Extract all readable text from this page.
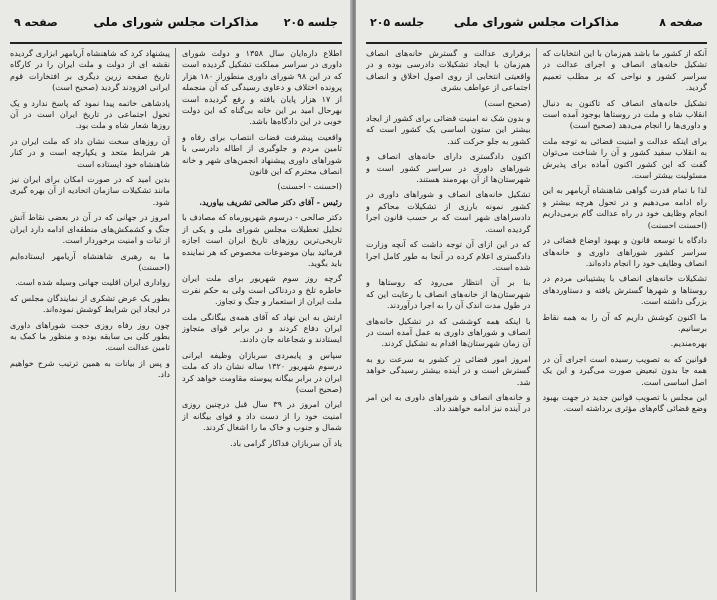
جلسه ۲۰۵
مذاکرات مجلس شورای ملی
صفحه ۹

اطلاع داره‌ایان سال ۱۳۵۸ و دولت شورای داوری در سراسر مملکت تشکیل گردیده است که در این ۹۸ شورای داوری منطوراز ۱۸۰ هزار پرونده اختلاف و دعاوی رسیدگی که آن منجمله از ۱۷ هزار پایان یافته و رفع گردیده است بهرحال امید بر این خانه بی‌گناه که این دولت خوبی در این دادگاه‌ها باشد.

واقعیت پیشرفت قضات انتصاب برای رفاه و تامین مردم و جلوگیری از اطاله دادرسی با شوراهای داوری پیشنهاد انجمن‌های شهر و خانه انصاف محترم که این قانون

(احسنت - احسنت)

رئیس - آقای دکتر صالحی تشریف بیاورید.

دکتر صالحی - درسوم شهریورماه که مصادف با تحلیل تعطیلات مجلس شورای ملی و یکی از تاریخی‌ترین روزهای تاریخ ایران است اجازه فرمائید بیان موضوعات مخصوص که هر نماینده باید بگوید.

گرچه روز سوم شهریور برای ملت ایران خاطره تلخ و دردناکی است ولی به حکم نفرت ملت ایران از استعمار و جنگ و تجاوز.

ارتش به این نهاد که آقای همه‌ی بیگانگی ملت ایران دفاع کردند و در برابر قوای متجاوز ایستادند و شجاعانه جان دادند.

سپاس و پایمردی سربازان وظیفه ایرانی درسوم شهریور ۱۳۲۰ ساله نشان داد که ملت ایران در برابر بیگانه پیوسته مقاومت خواهد کرد (صحیح است)

ایران امروز در ۳۹ سال قبل درچنین روزی امنیت خود را از دست داد و قوای بیگانه از شمال و جنوب و خاک ما را اشغال کردند.

یاد آن سربازان فداکار گرامی باد.

پیشنهاد کرد که شاهنشاه آریامهر ابزاری گردیده نقشه ای از دولت و ملت ایران را در کارگاه تاریخ صفحه زرین دیگری بر افتخارات قوم ایرانی افزودند گردید (صحیح است)

پادشاهی خاتمه پیدا نمود که پاسخ ندارد و یک تحول اجتماعی در تاریخ ایران است در آن روزها شعار شاه و ملت بود.

آن روزهای سخت نشان داد که ملت ایران در هر شرایط متحد و یکپارچه است و در کنار شاهنشاه خود ایستاده است

بدین امید که در صورت امکان برای ایران نیز مانند تشکیلات سازمان اتحادیه از آن بهره گیری شود.

امروز در جهانی که در آن در بعضی نقاط آتش جنگ و کشمکش‌های منطقه‌ای ادامه دارد ایران از ثبات و امنیت برخوردار است.

ما به رهبری شاهنشاه آریامهر ایستاده‌ایم (احسنت)

رواداری ایران اقلیت جهانی وسیله شده است.

بطور یک عرض تشکری از نمایندگان مجلس که در ایجاد این شرایط کوشش نموده‌اند.

چون روز رفاه روزی حجت شوراهای داوری بطور کلی بی سابقه بوده و منظور ما کمک به تامین عدالت است.

و پس از بیانات به همین ترتیب شرح خواهیم داد.

صفحه ۸
مذاکرات مجلس شورای ملی
جلسه ۲۰۵

آنکه از کشور ما باشد هم‌زمان با این انتخابات که تشکیل خانه‌های انصاف و اجرای عدالت در سراسر کشور و نواحی که بر مطلب تعمیم گردید.

تشکیل خانه‌های انصاف که تاکنون به دنبال انقلاب شاه و ملت در روستاها بوجود آمده است و داوری‌ها را انجام می‌دهد (صحیح است)

برای اینکه عدالت و امنیت قضائی به توجه ملت به انقلاب سفید کشور و آن را شناخت می‌توان گفت که این کشور اکنون آماده برای پذیرش مسئولیت بیشتر است.

لذا با تمام قدرت گواهی شاهنشاه آریامهر به این راه ادامه می‌دهیم و در تحول هرچه بیشتر و انجام وظایف خود در راه عدالت گام برمی‌داریم (احسنت احسنت)

دادگاه با توسعه قانون و بهبود اوضاع قضائی در سراسر کشور شوراهای داوری و خانه‌های انصاف وظایف خود را انجام داده‌اند.

تشکیلات خانه‌های انصاف با پشتیبانی مردم در روستاها و شهرها گسترش یافته و دستاوردهای بزرگی داشته است.

ما اکنون کوشش داریم که آن را به همه نقاط برسانیم.

بهره‌مندیم.

قوانین که به تصویب رسیده است اجرای آن در همه جا بدون تبعیض صورت می‌گیرد و این یک اصل اساسی است.

این مجلس با تصویب قوانین جدید در جهت بهبود وضع قضائی گام‌های مؤثری برداشته است.

برقراری عدالت و گسترش خانه‌های انصاف هم‌زمان با ایجاد تشکیلات دادرسی بوده و در واقعیتی انتخابی از روی اصول اخلاق و انصاف اجتماعی از عواطف بشری

(صحیح است)

و بدون شک نه امنیت قضائی برای کشور از ایجاد بیشتر این ستون اساسی یک کشور است که کشور به جلو حرکت کند.

اکنون دادگستری دارای خانه‌های انصاف و شوراهای داوری در سراسر کشور است و شهرستان‌ها از آن بهره‌مند هستند.

تشکیل خانه‌های انصاف و شوراهای داوری در کشور نمونه بارزی از تشکیلات محاکم و دادسراهای شهر است که بر حسب قانون اجرا گردیده است.

که در این ازای آن توجه داشت که آنچه وزارت دادگستری اعلام کرده در آنجا به طور کامل اجرا شده است.

بنا بر آن انتظار می‌رود که روستاها و شهرستان‌ها از خانه‌های انصاف با رعایت این که در طول مدت اندک آن را به اجرا درآوردند.

با اینکه همه کوششی که در تشکیل خانه‌های انصاف و شوراهای داوری به عمل آمده است در آن زمان شهرستان‌ها اقدام به تشکیل کردند.

امروز امور قضائی در کشور به سرعت رو به گسترش است و در آینده بیشتر رسیدگی خواهد شد.

و خانه‌های انصاف و شوراهای داوری به این امر در آینده نیز ادامه خواهند داد.
